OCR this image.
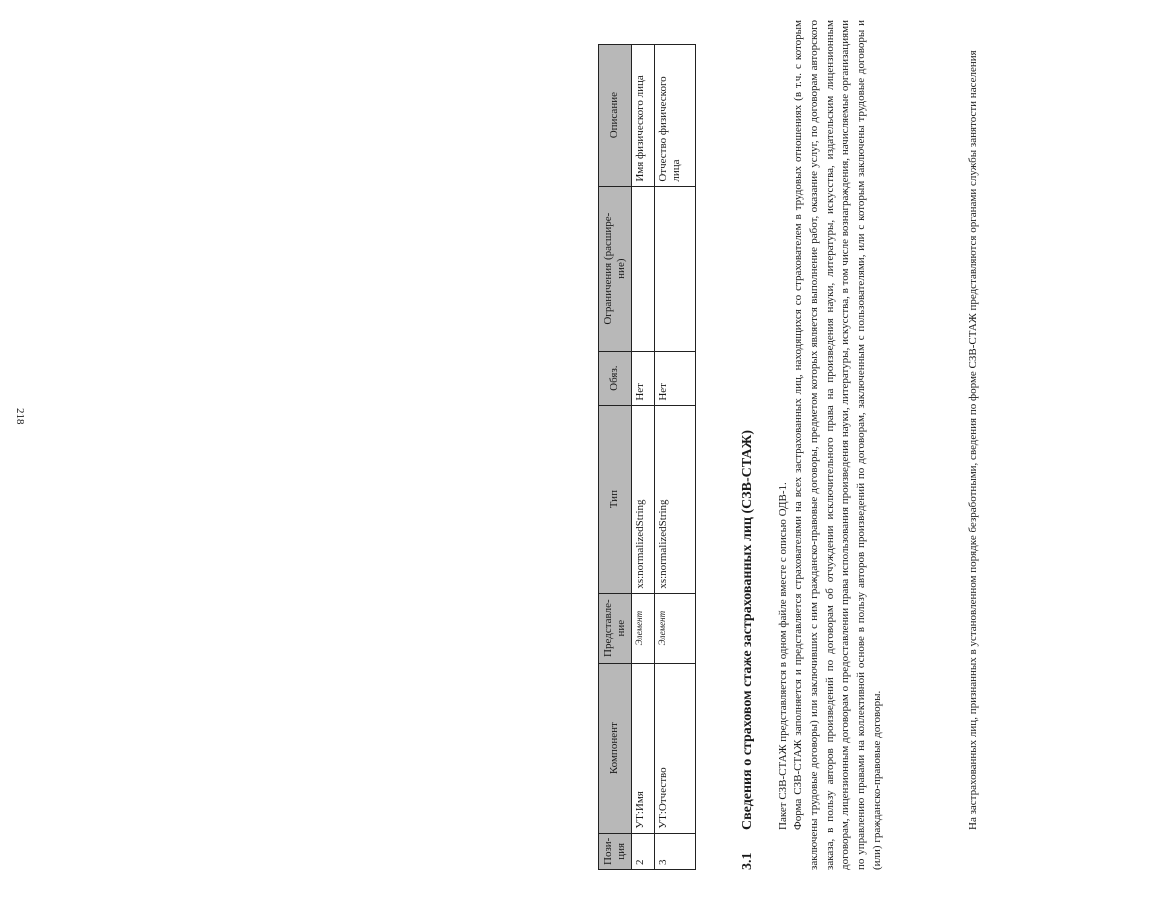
218
Пози-
ция	Компонент	Представле-
ние	Тип	Обяз.	Ограничения (расшире-
ние)	Описание
2	УТ:Имя	Элемент	xs:normalizedString	Нет		Имя физического лица
3	УТ:Отчество	Элемент	xs:normalizedString	Нет		Отчество физического
лица
3.1Сведения о страховом стаже застрахованных лиц (СЗВ-СТАЖ) Пакет СЗВ-СТАЖ представляется в одном файле вместе с описью ОДВ-1. Форма СЗВ-СТАЖ заполняется и представляется страхователями на всех застрахованных лиц, находящихся со страхователем в трудовых отношениях (в т.ч. с которым заключены трудовые договоры) или заключивших с ним гражданско-правовые договоры, предметом которых является выполнение работ, оказание услуг, по договорам авторского заказа, в пользу авторов произведений по договорам об отчуждении исключительного права на произведения науки, литературы, искусства, издательским лицензионным договорам, лицензионным договорам о предоставлении права использования произведения науки, литературы, искусства, в том числе вознаграждения, начисляемые организациями по управлению правами на коллективной основе в пользу авторов произведений по договорам, заключенным с пользователями, или с которым заключены трудовые договоры и (или) гражданско-правовые договоры.	На застрахованных лиц, признанных в установленном порядке безработными, сведения по форме СЗВ-СТАЖ представляются органами службы занятости населения
